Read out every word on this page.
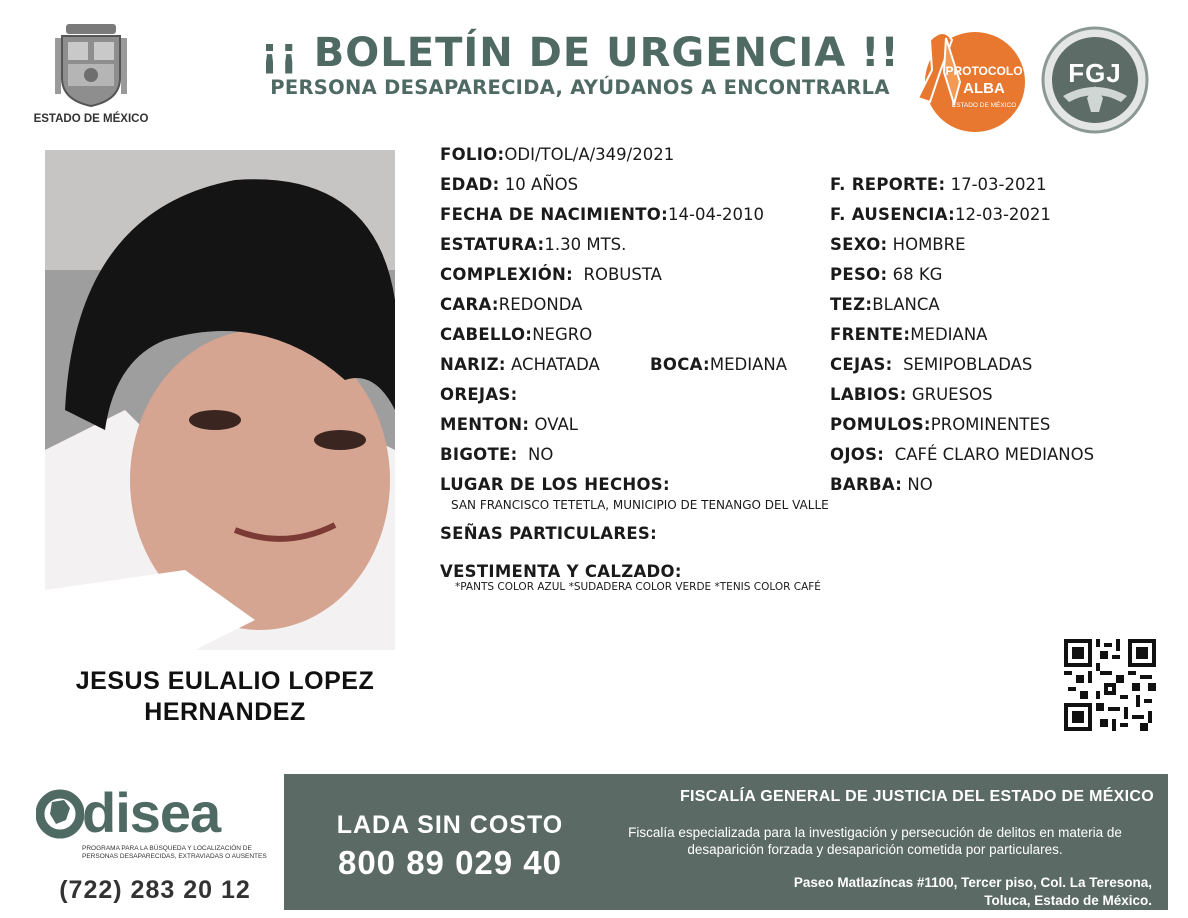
ESTADO DE MÉXICO
¡¡ BOLETÍN DE URGENCIA !!
PERSONA DESAPARECIDA, AYÚDANOS A ENCONTRARLA
PROTOCOLO
ALBA
ESTADO DE MÉXICO
FGJ
JESUS EULALIO LOPEZ
HERNANDEZ
FOLIO:ODI/TOL/A/349/2021
EDAD: 10 AÑOS	F. REPORTE: 17-03-2021
FECHA DE NACIMIENTO:14-04-2010	F. AUSENCIA:12-03-2021
ESTATURA:1.30 MTS.	SEXO: HOMBRE
COMPLEXIÓN: ROBUSTA	PESO: 68 KG
CARA:REDONDA	TEZ:BLANCA
CABELLO:NEGRO	FRENTE:MEDIANA
NARIZ: ACHATADA	BOCA:MEDIANA	CEJAS: SEMIPOBLADAS
OREJAS:	LABIOS: GRUESOS
MENTON: OVAL	POMULOS:PROMINENTES
BIGOTE: NO	OJOS: CAFÉ CLARO MEDIANOS
LUGAR DE LOS HECHOS:	BARBA: NO
SAN FRANCISCO TETETLA, MUNICIPIO DE TENANGO DEL VALLE
SEÑAS PARTICULARES:
VESTIMENTA Y CALZADO:
*PANTS COLOR AZUL *SUDADERA COLOR VERDE *TENIS COLOR CAFÉ
disea
PROGRAMA PARA LA BÚSQUEDA Y LOCALIZACIÓN DE PERSONAS DESAPARECIDAS, EXTRAVIADAS O AUSENTES
(722) 283 20 12
LADA SIN COSTO
800 89 029 40
FISCALÍA GENERAL DE JUSTICIA DEL ESTADO DE MÉXICO
Fiscalía especializada para la investigación y persecución de delitos en materia de desaparición forzada y desaparición cometida por particulares.
Paseo Matlazíncas #1100, Tercer piso, Col. La Teresona,
Toluca, Estado de México.
